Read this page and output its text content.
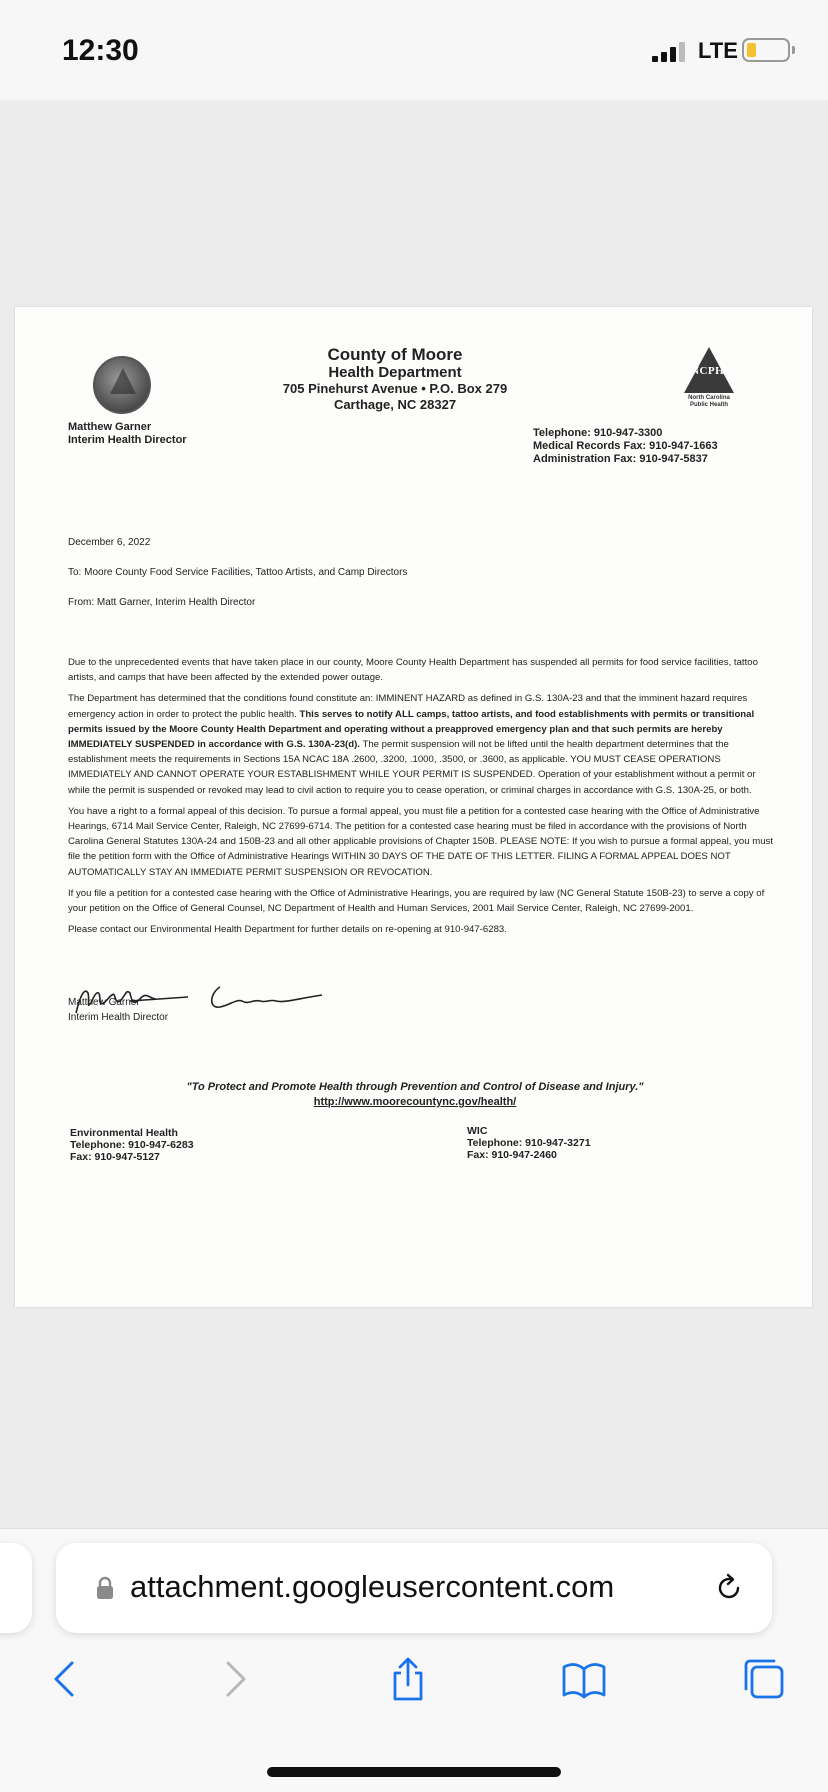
12:30	LTE
County of Moore
Health Department
705 Pinehurst Avenue • P.O. Box 279
Carthage, NC 28327
NCPH
North Carolina Public Health
Matthew Garner
Interim Health Director
Telephone: 910-947-3300
Medical Records Fax: 910-947-1663
Administration Fax: 910-947-5837
December 6, 2022
To: Moore County Food Service Facilities, Tattoo Artists, and Camp Directors
From: Matt Garner, Interim Health Director

Due to the unprecedented events that have taken place in our county, Moore County Health Department has suspended all permits for food service facilities, tattoo artists, and camps that have been affected by the extended power outage.

The Department has determined that the conditions found constitute an: IMMINENT HAZARD as defined in G.S. 130A-23 and that the imminent hazard requires emergency action in order to protect the public health. This serves to notify ALL camps, tattoo artists, and food establishments with permits or transitional permits issued by the Moore County Health Department and operating without a preapproved emergency plan and that such permits are hereby IMMEDIATELY SUSPENDED in accordance with G.S. 130A-23(d). The permit suspension will not be lifted until the health department determines that the establishment meets the requirements in Sections 15A NCAC 18A .2600, .3200, .1000, .3500, or .3600, as applicable. YOU MUST CEASE OPERATIONS IMMEDIATELY AND CANNOT OPERATE YOUR ESTABLISHMENT WHILE YOUR PERMIT IS SUSPENDED. Operation of your establishment without a permit or while the permit is suspended or revoked may lead to civil action to require you to cease operation, or criminal charges in accordance with G.S. 130A-25, or both.

You have a right to a formal appeal of this decision. To pursue a formal appeal, you must file a petition for a contested case hearing with the Office of Administrative Hearings, 6714 Mail Service Center, Raleigh, NC 27699-6714. The petition for a contested case hearing must be filed in accordance with the provisions of North Carolina General Statutes 130A-24 and 150B-23 and all other applicable provisions of Chapter 150B. PLEASE NOTE: If you wish to pursue a formal appeal, you must file the petition form with the Office of Administrative Hearings WITHIN 30 DAYS OF THE DATE OF THIS LETTER. FILING A FORMAL APPEAL DOES NOT AUTOMATICALLY STAY AN IMMEDIATE PERMIT SUSPENSION OR REVOCATION.

If you file a petition for a contested case hearing with the Office of Administrative Hearings, you are required by law (NC General Statute 150B-23) to serve a copy of your petition on the Office of General Counsel, NC Department of Health and Human Services, 2001 Mail Service Center, Raleigh, NC 27699-2001.

Please contact our Environmental Health Department for further details on re-opening at 910-947-6283.

Matthew Garner
Interim Health Director
"To Protect and Promote Health through Prevention and Control of Disease and Injury."
http://www.moorecountync.gov/health/
Environmental Health
Telephone: 910-947-6283
Fax: 910-947-5127
WIC
Telephone: 910-947-3271
Fax: 910-947-2460
attachment.googleusercontent.com
